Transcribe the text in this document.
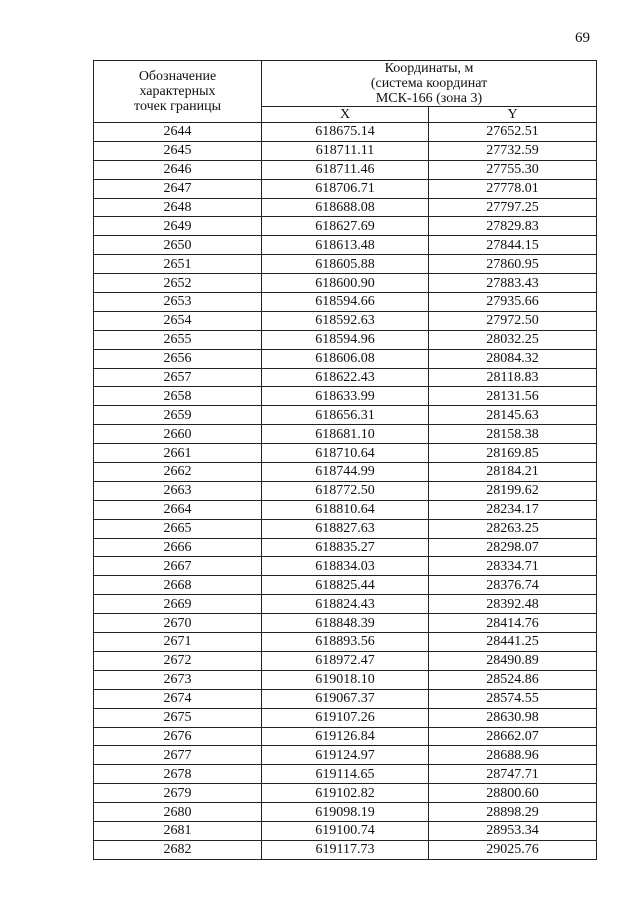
69
Обозначение
характерных
точек границы	Координаты, м
(система координат
МСК-166 (зона 3)	

	X	Y
2644	618675.14	27652.51
2645	618711.11	27732.59
2646	618711.46	27755.30
2647	618706.71	27778.01
2648	618688.08	27797.25
2649	618627.69	27829.83
2650	618613.48	27844.15
2651	618605.88	27860.95
2652	618600.90	27883.43
2653	618594.66	27935.66
2654	618592.63	27972.50
2655	618594.96	28032.25
2656	618606.08	28084.32
2657	618622.43	28118.83
2658	618633.99	28131.56
2659	618656.31	28145.63
2660	618681.10	28158.38
2661	618710.64	28169.85
2662	618744.99	28184.21
2663	618772.50	28199.62
2664	618810.64	28234.17
2665	618827.63	28263.25
2666	618835.27	28298.07
2667	618834.03	28334.71
2668	618825.44	28376.74
2669	618824.43	28392.48
2670	618848.39	28414.76
2671	618893.56	28441.25
2672	618972.47	28490.89
2673	619018.10	28524.86
2674	619067.37	28574.55
2675	619107.26	28630.98
2676	619126.84	28662.07
2677	619124.97	28688.96
2678	619114.65	28747.71
2679	619102.82	28800.60
2680	619098.19	28898.29
2681	619100.74	28953.34
2682	619117.73	29025.76
